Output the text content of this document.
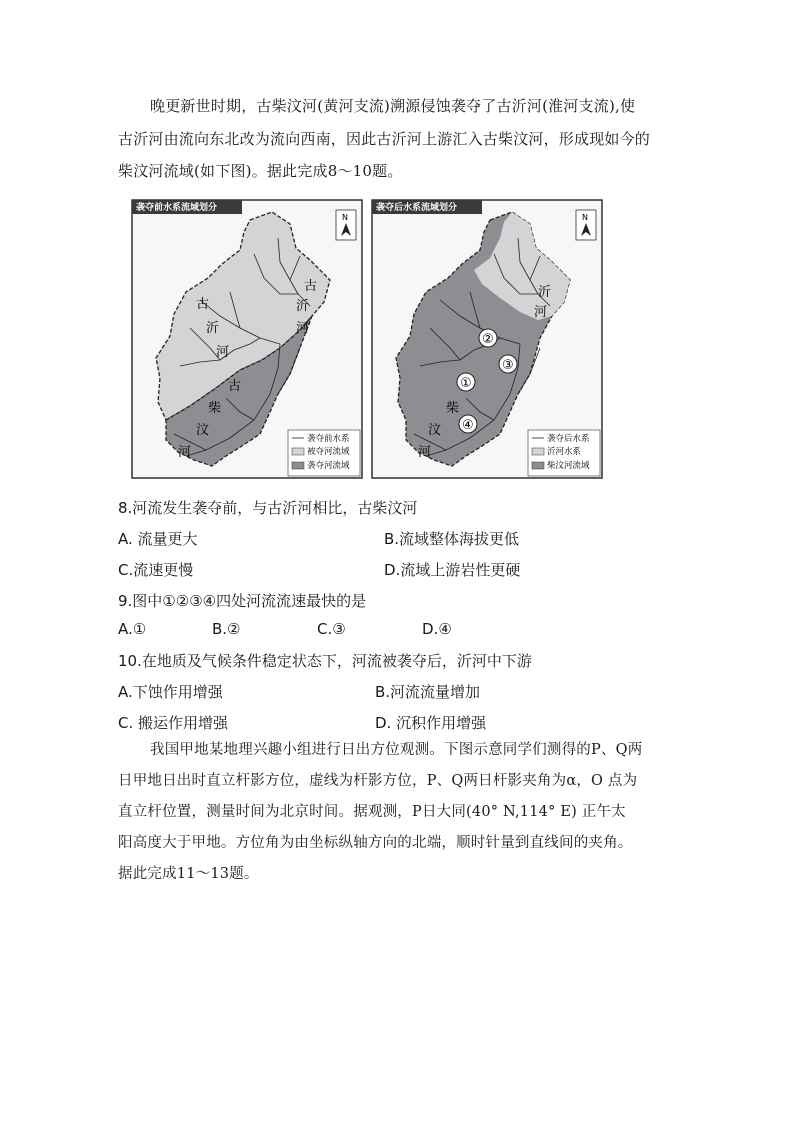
晚更新世时期，古柴汶河(黄河支流)溯源侵蚀袭夺了古沂河(淮河支流),使
古沂河由流向东北改为流向西南，因此古沂河上游汇入古柴汶河，形成现如今的
柴汶河流域(如下图)。据此完成8～10题。
袭夺前水系流域划分
N
古
沂
河
古
沂
河
古
柴
汶
河
袭夺前水系
被夺河流域
袭夺河流域
袭夺后水系流域划分
N
沂
河
柴
汶
河
②
③
①
④
袭夺后水系
沂河水系
柴汶河流域
8.河流发生袭夺前，与古沂河相比，古柴汶河
A. 流量更大	B.流域整体海拔更低
C.流速更慢	D.流域上游岩性更硬
9.图中①②③④四处河流流速最快的是
A.①	B.②	C.③	D.④
10.在地质及气候条件稳定状态下，河流被袭夺后，沂河中下游
A.下蚀作用增强	B.河流流量增加
C. 搬运作用增强	D. 沉积作用增强
我国甲地某地理兴趣小组进行日出方位观测。下图示意同学们测得的P、Q两
日甲地日出时直立杆影方位，虚线为杆影方位，P、Q两日杆影夹角为α，O 点为
直立杆位置，测量时间为北京时间。据观测，P日大同(40° N,114° E) 正午太
阳高度大于甲地。方位角为由坐标纵轴方向的北端，顺时针量到直线间的夹角。
据此完成11～13题。
